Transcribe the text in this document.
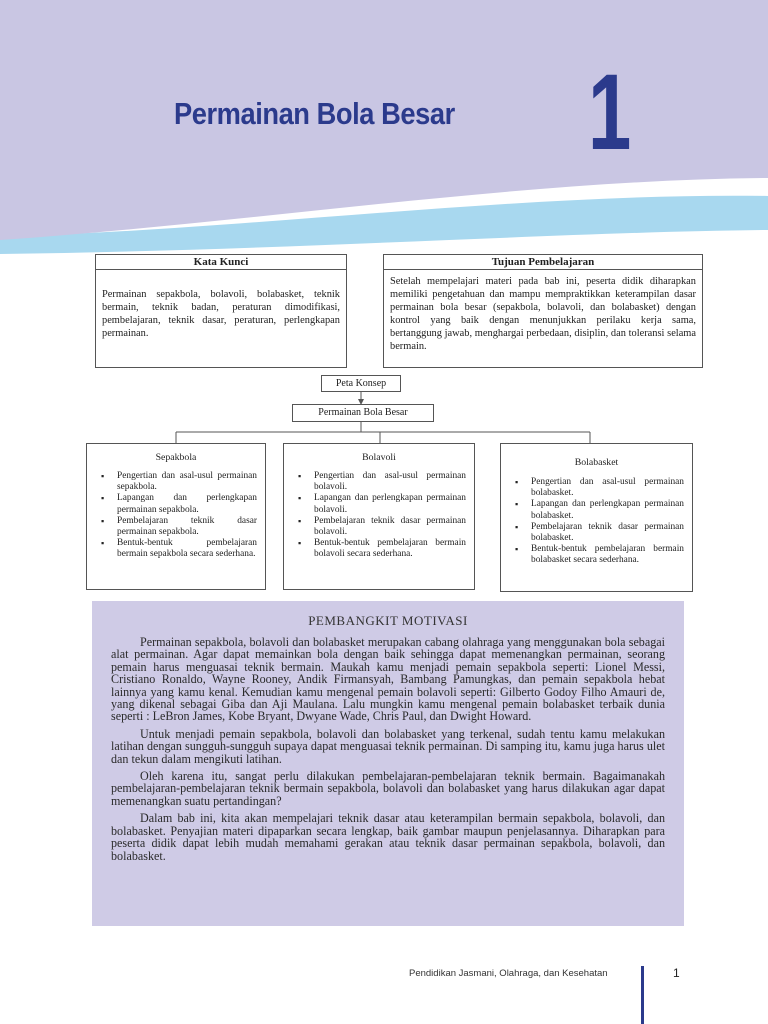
Permainan Bola Besar 1
Kata Kunci
Permainan sepakbola, bolavoli, bolabasket, teknik bermain, teknik badan, peraturan dimodifikasi, pembelajaran, teknik dasar, peraturan, perlengkapan permainan.
Tujuan Pembelajaran
Setelah mempelajari materi pada bab ini, peserta didik diharapkan memiliki pengetahuan dan mampu mempraktikkan keterampilan dasar permainan bola besar (sepakbola, bolavoli, dan bolabasket) dengan kontrol yang baik dengan menunjukkan perilaku kerja sama, bertanggung jawab, menghargai perbedaan, disiplin, dan toleransi selama bermain.
Peta Konsep
Permainan Bola Besar
Sepakbola
▪ Pengertian dan asal-usul permainan sepakbola.
▪ Lapangan dan perlengkapan permainan sepakbola.
▪ Pembelajaran teknik dasar permainan sepakbola.
▪ Bentuk-bentuk pembelajaran bermain sepakbola secara sederhana.
Bolavoli
▪ Pengertian dan asal-usul permainan bolavoli.
▪ Lapangan dan perlengkapan permainan bolavoli.
▪ Pembelajaran teknik dasar permainan bolavoli.
▪ Bentuk-bentuk pembelajaran bermain bolavoli secara sederhana.
Bolabasket
▪ Pengertian dan asal-usul permainan bolabasket.
▪ Lapangan dan perlengkapan permainan bolabasket.
▪ Pembelajaran teknik dasar permainan bolabasket.
▪ Bentuk-bentuk pembelajaran bermain bolabasket secara sederhana.
PEMBANGKIT MOTIVASI

Permainan sepakbola, bolavoli dan bolabasket merupakan cabang olahraga yang menggunakan bola sebagai alat permainan. Agar dapat memainkan bola dengan baik sehingga dapat memenangkan permainan, seorang pemain harus menguasai teknik bermain. Maukah kamu menjadi pemain sepakbola seperti: Lionel Messi, Cristiano Ronaldo, Wayne Rooney, Andik Firmansyah, Bambang Pamungkas, dan pemain sepakbola hebat lainnya yang kamu kenal. Kemudian kamu mengenal pemain bolavoli seperti: Gilberto Godoy Filho Amauri de, yang dikenal sebagai Giba dan Aji Maulana. Lalu mungkin kamu mengenal pemain bolabasket terbaik dunia seperti : LeBron James, Kobe Bryant, Dwyane Wade, Chris Paul, dan Dwight Howard.

Untuk menjadi pemain sepakbola, bolavoli dan bolabasket yang terkenal, sudah tentu kamu melakukan latihan dengan sungguh-sungguh supaya dapat menguasai teknik permainan. Di samping itu, kamu juga harus ulet dan tekun dalam mengikuti latihan.

Oleh karena itu, sangat perlu dilakukan pembelajaran-pembelajaran teknik bermain. Bagaimanakah pembelajaran-pembelajaran teknik bermain sepakbola, bolavoli dan bolabasket yang harus dilakukan agar dapat memenangkan suatu pertandingan?

Dalam bab ini, kita akan mempelajari teknik dasar atau keterampilan bermain sepakbola, bolavoli, dan bolabasket. Penyajian materi dipaparkan secara lengkap, baik gambar maupun penjelasannya. Diharapkan para peserta didik dapat lebih mudah memahami gerakan atau teknik dasar permainan sepakbola, bolavoli, dan bolabasket.

Pendidikan Jasmani, Olahraga, dan Kesehatan	1
